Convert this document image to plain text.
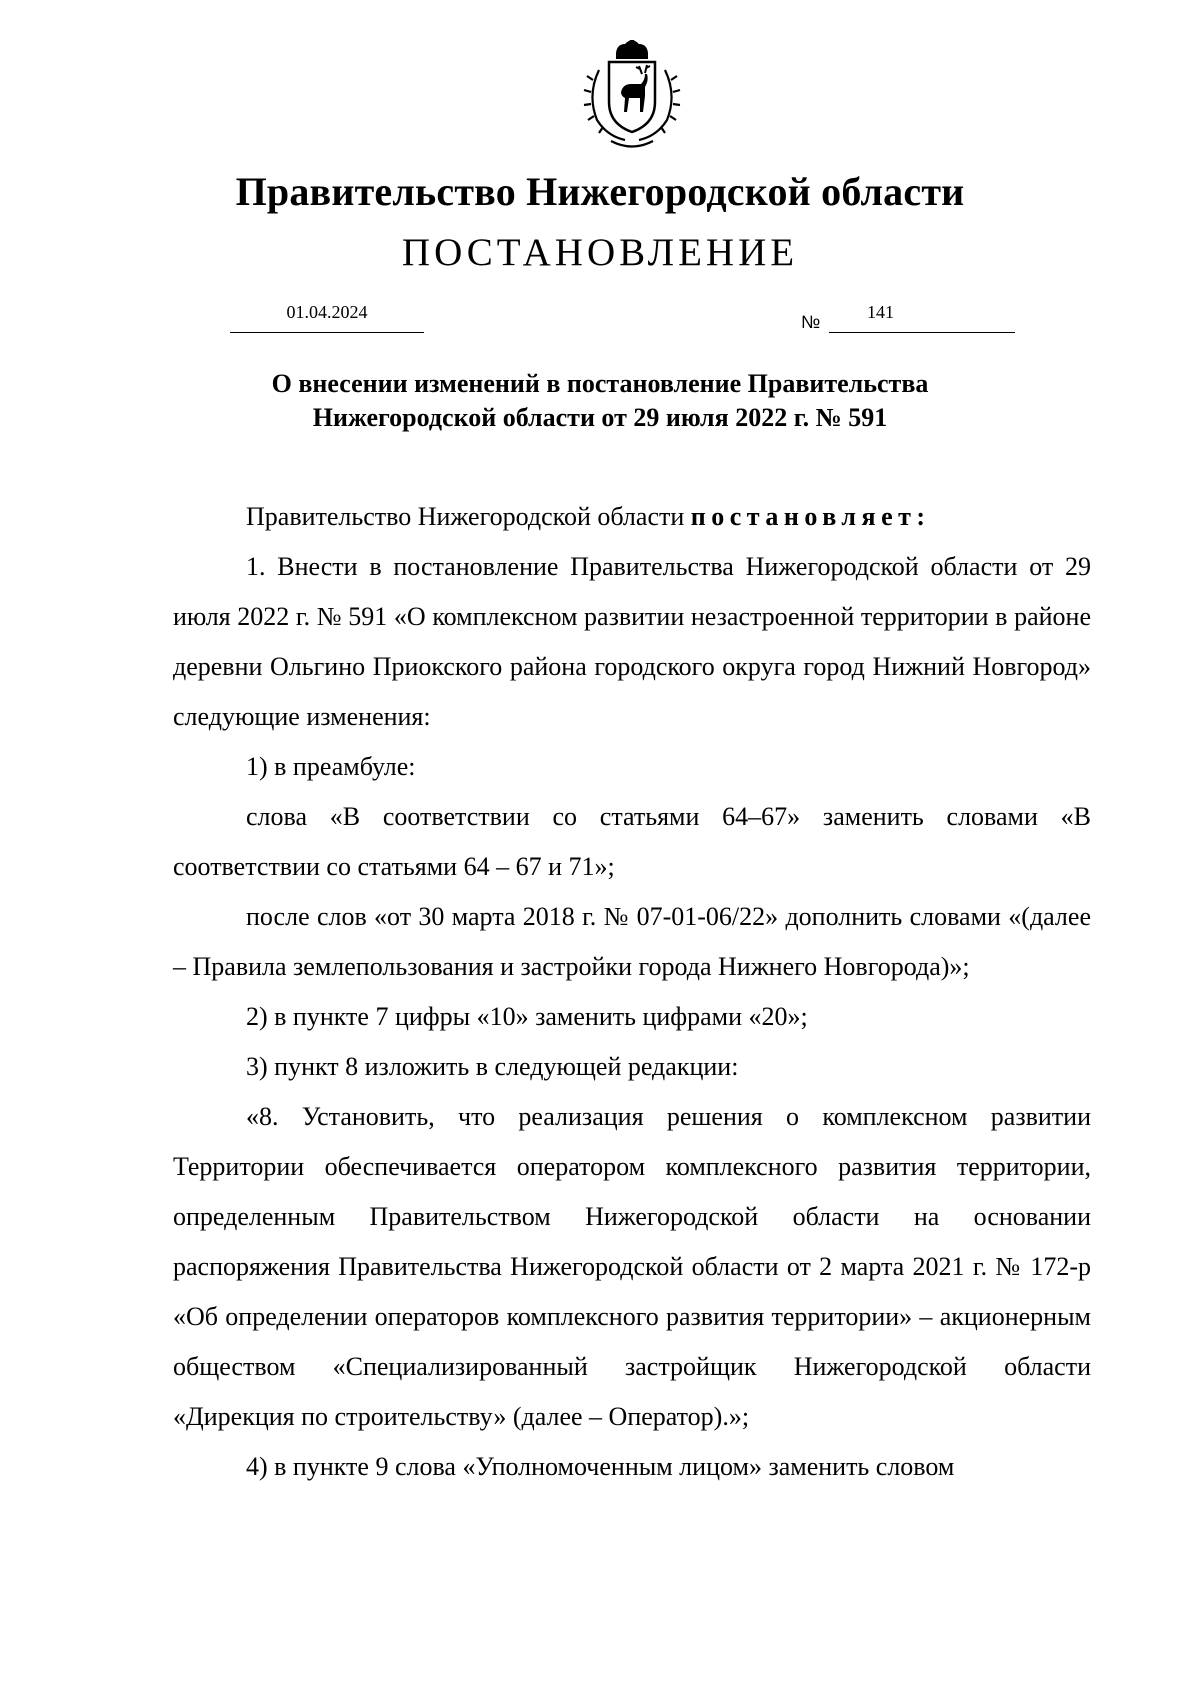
Правительство Нижегородской области
ПОСТАНОВЛЕНИЕ
01.04.2024	№	141
О внесении изменений в постановление Правительства
Нижегородской области от 29 июля 2022 г. № 591

Правительство Нижегородской области постановляет:

1. Внести в постановление Правительства Нижегородской области от 29 июля 2022 г. № 591 «О комплексном развитии незастроенной территории в районе деревни Ольгино Приокского района городского округа город Нижний Новгород» следующие изменения:

1) в преамбуле:

слова «В соответствии со статьями 64–67» заменить словами «В соответствии со статьями 64 – 67 и 71»;

после слов «от 30 марта 2018 г. № 07-01-06/22» дополнить словами «(далее – Правила землепользования и застройки города Нижнего Новгорода)»;

2) в пункте 7 цифры «10» заменить цифрами «20»;

3) пункт 8 изложить в следующей редакции:

«8. Установить, что реализация решения о комплексном развитии Территории обеспечивается оператором комплексного развития территории, определенным Правительством Нижегородской области на основании распоряжения Правительства Нижегородской области от 2 марта 2021 г. № 172-р «Об определении операторов комплексного развития территории» – акционерным обществом «Специализированный застройщик Нижегородской области «Дирекция по строительству» (далее – Оператор).»;

4) в пункте 9 слова «Уполномоченным лицом» заменить словом
